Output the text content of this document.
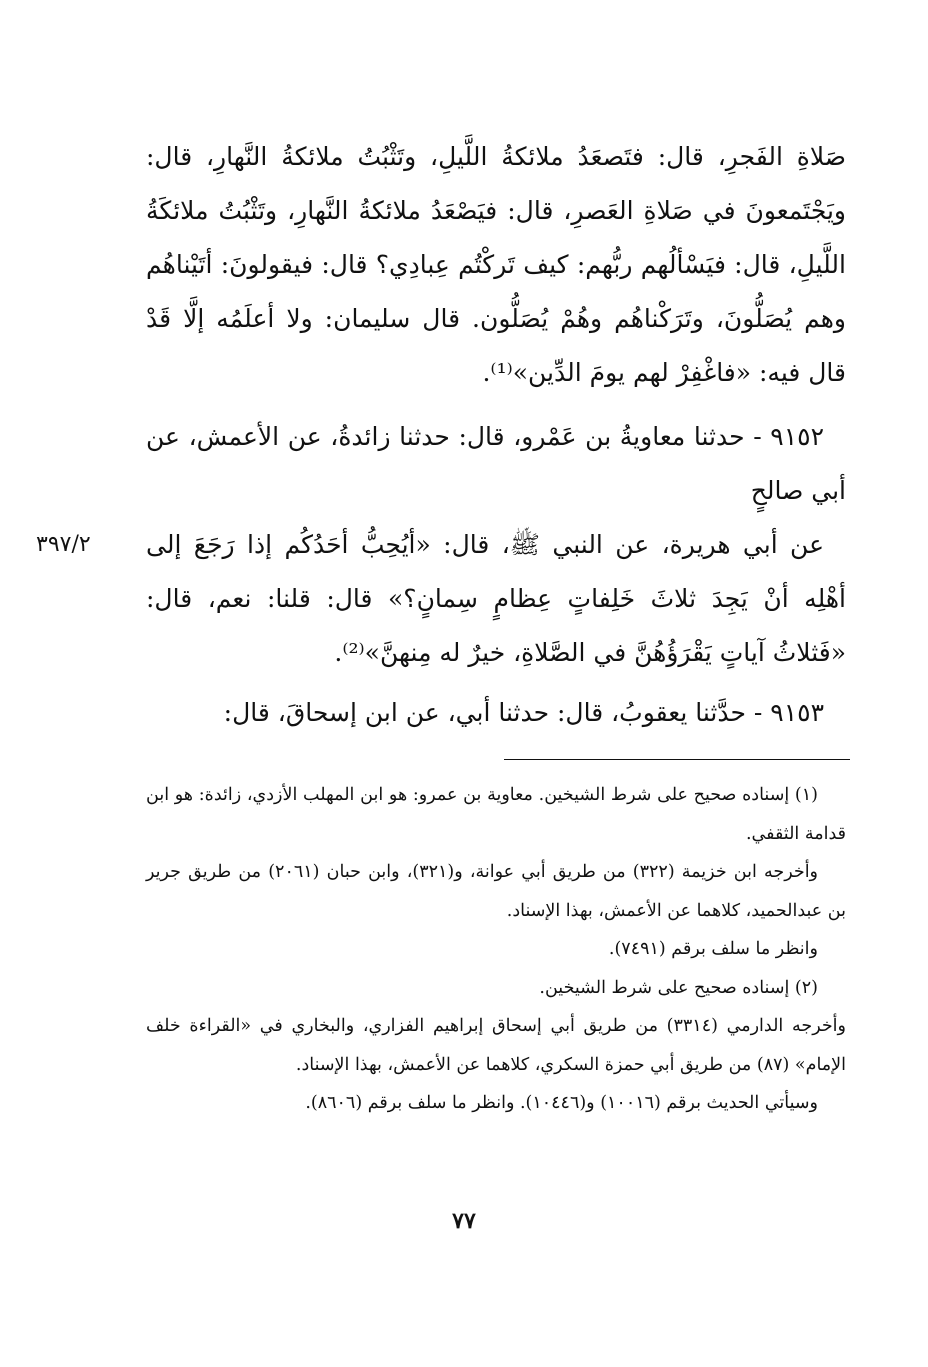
صَلاةِ الفَجرِ، قال: فتَصعَدُ ملائكةُ اللَّيلِ، وتَثْبُتُ ملائكةُ النَّهارِ، قال: ويَجْتَمعونَ في صَلاةِ العَصرِ، قال: فيَصْعَدُ ملائكةُ النَّهارِ، وتَثْبُتُ ملائكَةُ اللَّيلِ، قال: فيَسْألُهم ربُّهم: كيف تَركْتُم عِبادِي؟ قال: فيقولونَ: أتَيْناهُم وهم يُصَلُّونَ، وتَرَكْناهُم وهُمْ يُصَلُّون. قال سليمان: ولا أعلَمُه إلَّا قَدْ قال فيه: «فاغْفِرْ لهم يومَ الدِّين»⁽¹⁾.

٩١٥٢ - حدثنا معاويةُ بن عَمْرو، قال: حدثنا زائدةُ، عن الأعمش، عن أبي صالحٍ

٣٩٧/٢ عن أبي هريرة، عن النبي ﷺ، قال: «أيُحِبُّ أحَدُكُم إذا رَجَعَ إلى أهْلِه أنْ يَجِدَ ثلاثَ خَلِفاتٍ عِظامٍ سِمانٍ؟» قال: قلنا: نعم، قال: «فَثلاثُ آياتٍ يَقْرَؤُهُنَّ في الصَّلاةِ، خيرٌ له مِنهنَّ»⁽²⁾.

٩١٥٣ - حدَّثنا يعقوبُ، قال: حدثنا أبي، عن ابن إسحاقَ، قال:

(١) إسناده صحيح على شرط الشيخين. معاوية بن عمرو: هو ابن المهلب الأزدي، زائدة: هو ابن قدامة الثقفي.

وأخرجه ابن خزيمة (٣٢٢) من طريق أبي عوانة، و(٣٢١)، وابن حبان (٢٠٦١) من طريق جرير بن عبدالحميد، كلاهما عن الأعمش، بهذا الإسناد.

وانظر ما سلف برقم (٧٤٩١).

(٢) إسناده صحيح على شرط الشيخين.

وأخرجه الدارمي (٣٣١٤) من طريق أبي إسحاق إبراهيم الفزاري، والبخاري في «القراءة خلف الإمام» (٨٧) من طريق أبي حمزة السكري، كلاهما عن الأعمش، بهذا الإسناد.

وسيأتي الحديث برقم (١٠٠١٦) و(١٠٤٤٦). وانظر ما سلف برقم (٨٦٠٦).

٧٧
